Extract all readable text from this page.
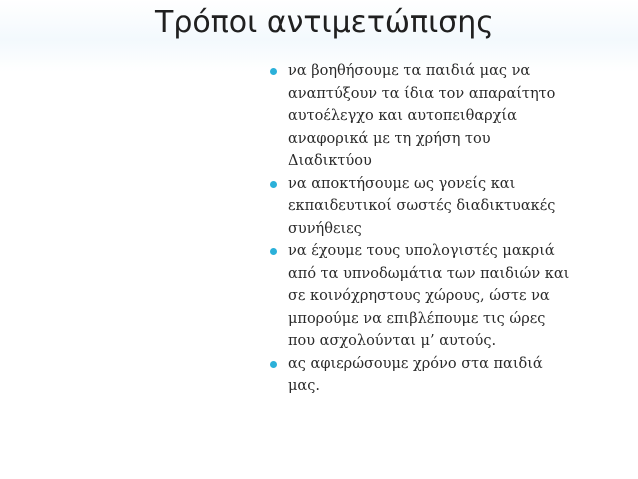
Τρόποι αντιμετώπισης
να βοηθήσουμε τα παιδιά μας να
αναπτύξουν τα ίδια τον απαραίτητο
αυτοέλεγχο και αυτοπειθαρχία
αναφορικά με τη χρήση του
Διαδικτύου
να αποκτήσουμε ως γονείς και
εκπαιδευτικοί σωστές διαδικτυακές
συνήθειες
να έχουμε τους υπολογιστές μακριά
από τα υπνοδωμάτια των παιδιών και
σε κοινόχρηστους χώρους, ώστε να
μπορούμε να επιβλέπουμε τις ώρες
που ασχολούνται μ’ αυτούς.
ας αφιερώσουμε χρόνο στα παιδιά
μας.
